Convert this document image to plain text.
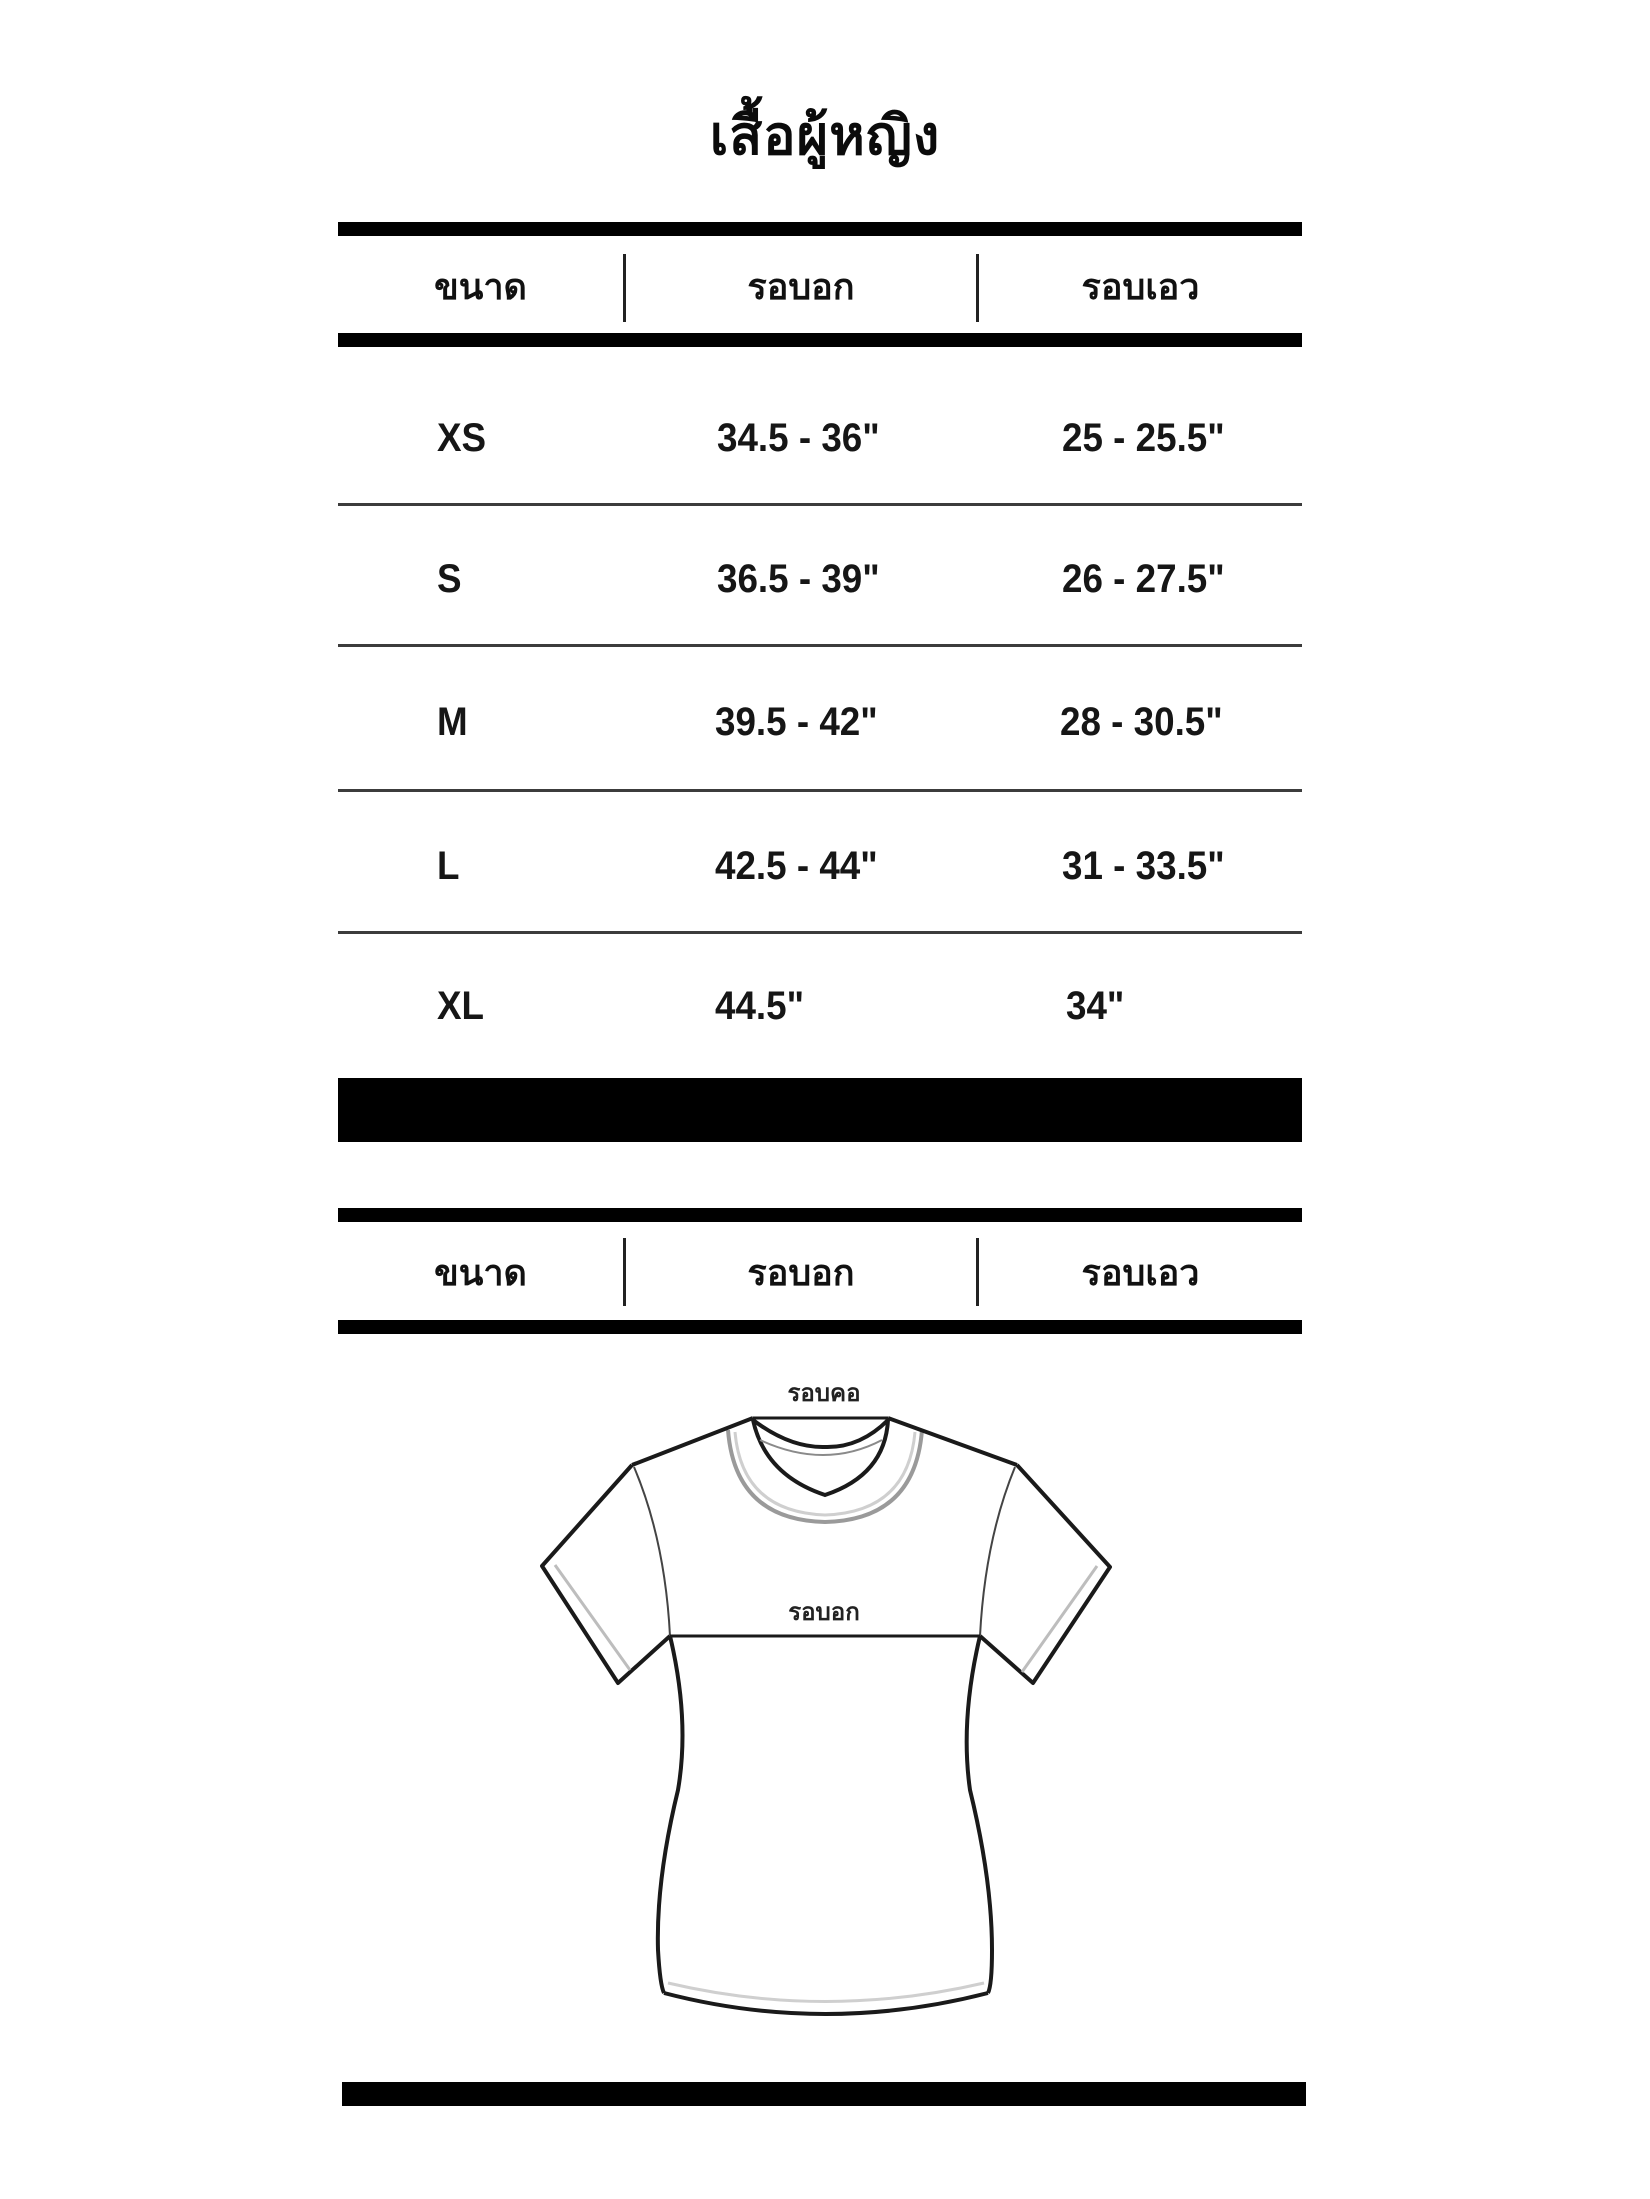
เสื้อผู้หญิง
ขนาด	รอบอก	รอบเอว
XS	34.5 - 36"	25 - 25.5"
S	36.5 - 39"	26 - 27.5"
M	39.5 - 42"	28 - 30.5"
L	42.5 - 44"	31 - 33.5"
XL	44.5"	34"
ขนาด	รอบอก	รอบเอว
รอบคอ
รอบอก
